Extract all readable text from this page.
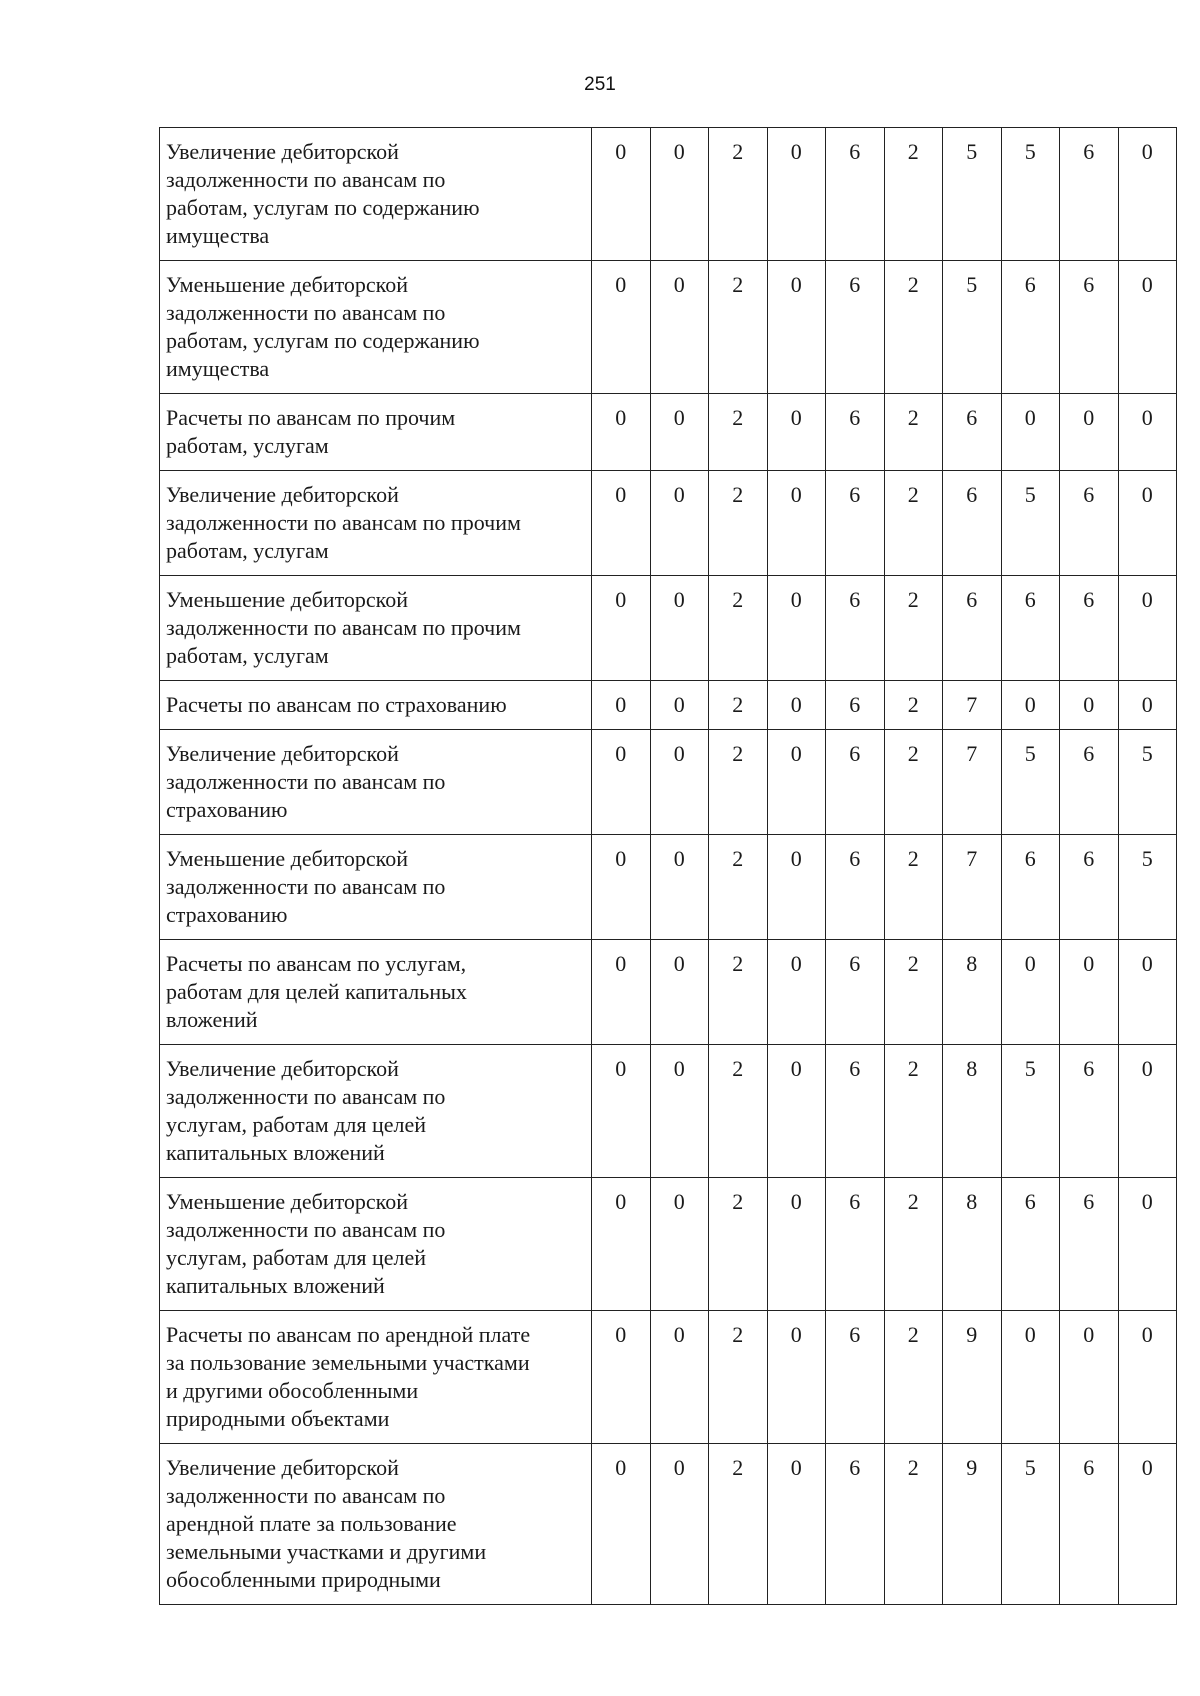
251
Увеличение дебиторской
задолженности по авансам по
работам, услугам по содержанию
имущества	0	0	2	0	6	2	5	5	6	0
Уменьшение дебиторской
задолженности по авансам по
работам, услугам по содержанию
имущества	0	0	2	0	6	2	5	6	6	0
Расчеты по авансам по прочим
работам, услугам	0	0	2	0	6	2	6	0	0	0
Увеличение дебиторской
задолженности по авансам по прочим
работам, услугам	0	0	2	0	6	2	6	5	6	0
Уменьшение дебиторской
задолженности по авансам по прочим
работам, услугам	0	0	2	0	6	2	6	6	6	0
Расчеты по авансам по страхованию	0	0	2	0	6	2	7	0	0	0
Увеличение дебиторской
задолженности по авансам по
страхованию	0	0	2	0	6	2	7	5	6	5
Уменьшение дебиторской
задолженности по авансам по
страхованию	0	0	2	0	6	2	7	6	6	5
Расчеты по авансам по услугам,
работам для целей капитальных
вложений	0	0	2	0	6	2	8	0	0	0
Увеличение дебиторской
задолженности по авансам по
услугам, работам для целей
капитальных вложений	0	0	2	0	6	2	8	5	6	0
Уменьшение дебиторской
задолженности по авансам по
услугам, работам для целей
капитальных вложений	0	0	2	0	6	2	8	6	6	0
Расчеты по авансам по арендной плате
за пользование земельными участками
и другими обособленными
природными объектами	0	0	2	0	6	2	9	0	0	0
Увеличение дебиторской
задолженности по авансам по
арендной плате за пользование
земельными участками и другими
обособленными природными	0	0	2	0	6	2	9	5	6	0
